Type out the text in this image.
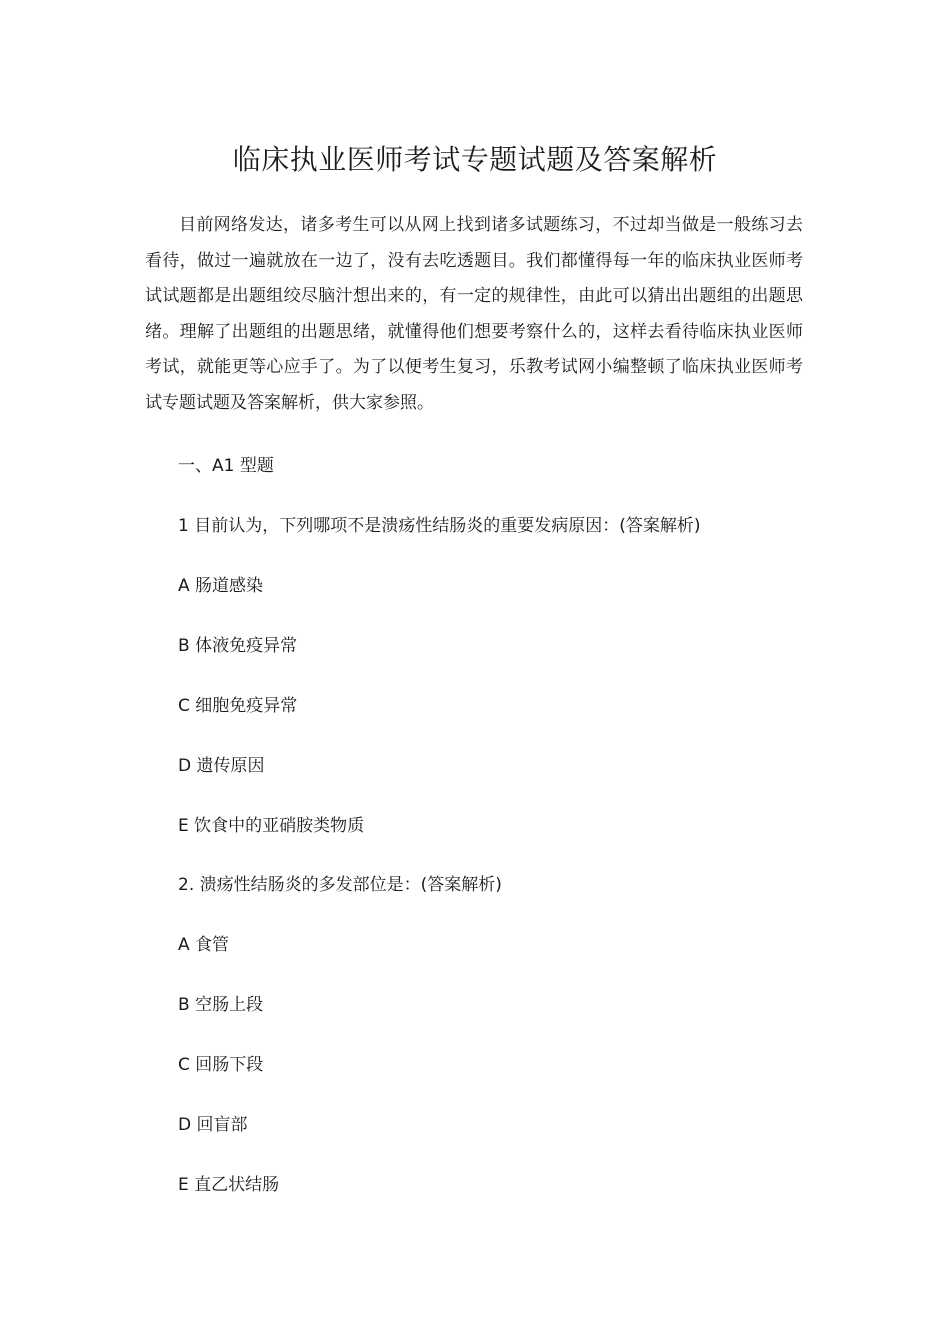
临床执业医师考试专题试题及答案解析

目前网络发达，诸多考生可以从网上找到诸多试题练习，不过却当做是一般练习去看待，做过一遍就放在一边了，没有去吃透题目。我们都懂得每一年的临床执业医师考试试题都是出题组绞尽脑汁想出来的，有一定的规律性，由此可以猜出出题组的出题思绪。理解了出题组的出题思绪，就懂得他们想要考察什么的，这样去看待临床执业医师考试，就能更等心应手了。为了以便考生复习，乐教考试网小编整顿了临床执业医师考试专题试题及答案解析，供大家参照。

一、A1 型题

1 目前认为，下列哪项不是溃疡性结肠炎的重要发病原因：(答案解析)

A 肠道感染

B 体液免疫异常

C 细胞免疫异常

D 遗传原因

E 饮食中的亚硝胺类物质

2. 溃疡性结肠炎的多发部位是：(答案解析)

A 食管

B 空肠上段

C 回肠下段

D 回盲部

E 直乙状结肠
